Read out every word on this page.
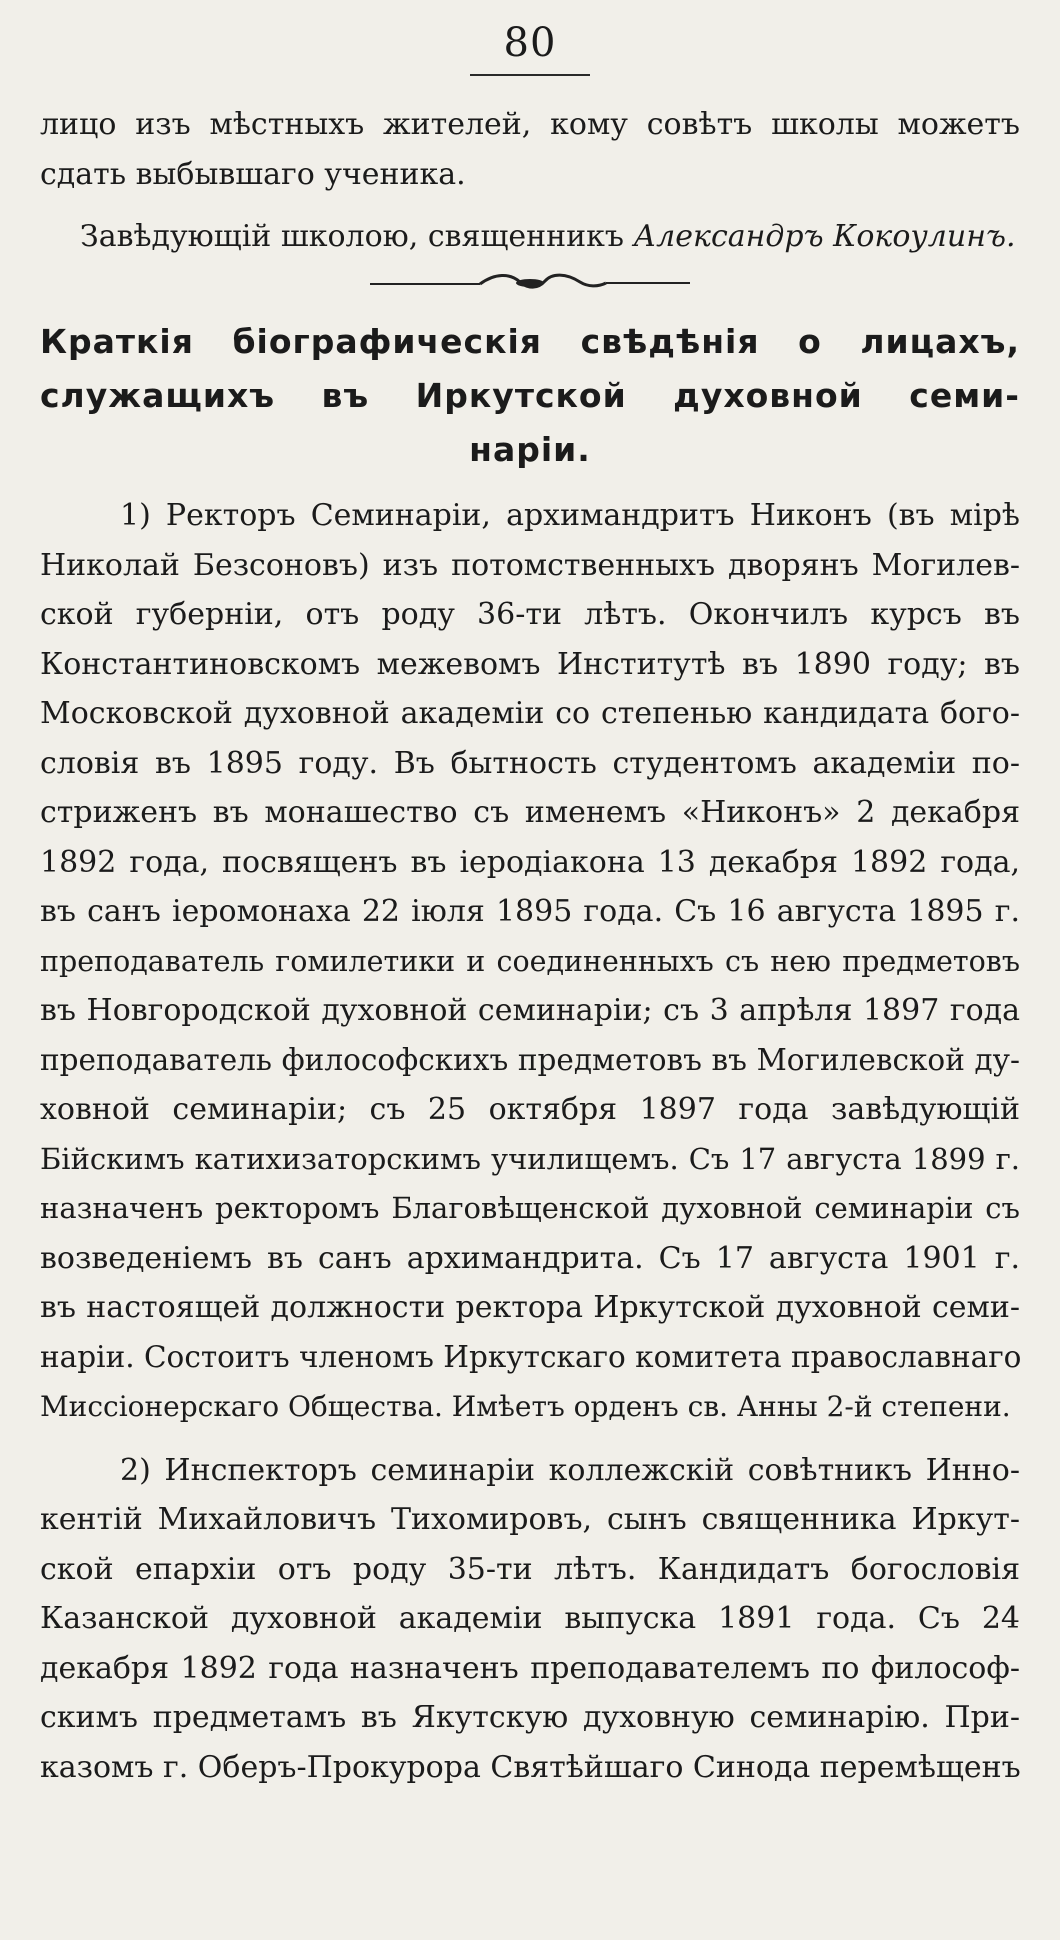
80

лицо изъ мѣстныхъ жителей, кому совѣтъ школы можетъ
сдать выбывшаго ученика.

Завѣдующій школою, священникъ Александръ Кокоулинъ.
Краткія біографическія свѣдѣнія о лицахъ,
служащихъ въ Иркутской духовной семи-
наріи.

1) Ректоръ Семинаріи, архимандритъ Никонъ (въ мірѣ
Николай Безсоновъ) изъ потомственныхъ дворянъ Могилев-
ской губерніи, отъ роду 36-ти лѣтъ. Окончилъ курсъ въ
Константиновскомъ межевомъ Институтѣ въ 1890 году; въ
Московской духовной академіи со степенью кандидата бого-
словія въ 1895 году. Въ бытность студентомъ академіи по-
стриженъ въ монашество съ именемъ «Никонъ» 2 декабря
1892 года, посвященъ въ іеродіакона 13 декабря 1892 года,
въ санъ іеромонаха 22 іюля 1895 года. Съ 16 августа 1895 г.
преподаватель гомилетики и соединенныхъ съ нею предметовъ
въ Новгородской духовной семинаріи; съ 3 апрѣля 1897 года
преподаватель философскихъ предметовъ въ Могилевской ду-
ховной семинаріи; съ 25 октября 1897 года завѣдующій
Бійскимъ катихизаторскимъ училищемъ. Съ 17 августа 1899 г.
назначенъ ректоромъ Благовѣщенской духовной семинаріи съ
возведеніемъ въ санъ архимандрита. Съ 17 августа 1901 г.
въ настоящей должности ректора Иркутской духовной семи-
наріи. Состоитъ членомъ Иркутскаго комитета православнаго
Миссіонерскаго Общества. Имѣетъ орденъ св. Анны 2-й степени.

2) Инспекторъ семинаріи коллежскій совѣтникъ Инно-
кентій Михайловичъ Тихомировъ, сынъ священника Иркут-
ской епархіи отъ роду 35-ти лѣтъ. Кандидатъ богословія
Казанской духовной академіи выпуска 1891 года. Съ 24
декабря 1892 года назначенъ преподавателемъ по философ-
скимъ предметамъ въ Якутскую духовную семинарію. При-
казомъ г. Оберъ-Прокурора Святѣйшаго Синода перемѣщенъ
